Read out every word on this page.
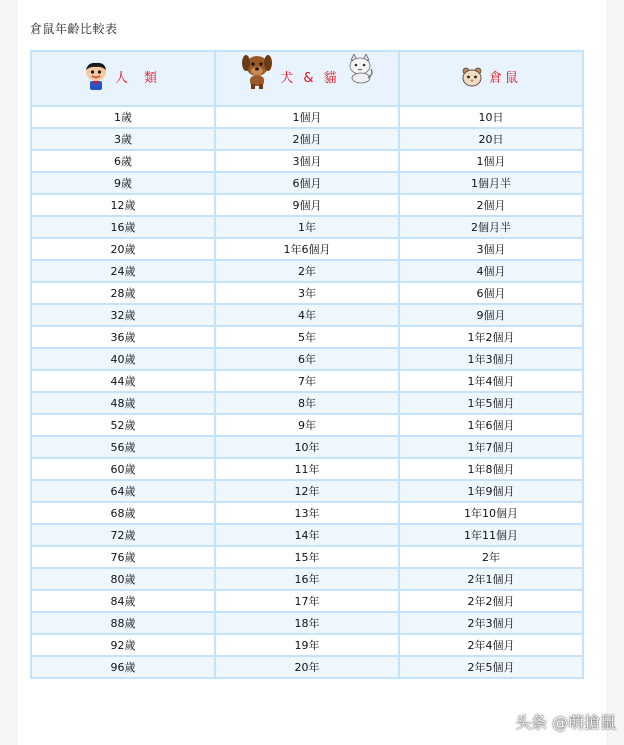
倉鼠年齡比較表
人 類	犬 & 貓	倉鼠

1歲	1個月	10日
3歲	2個月	20日
6歲	3個月	1個月
9歲	6個月	1個月半
12歲	9個月	2個月
16歲	1年	2個月半
20歲	1年6個月	3個月
24歲	2年	4個月
28歲	3年	6個月
32歲	4年	9個月
36歲	5年	1年2個月
40歲	6年	1年3個月
44歲	7年	1年4個月
48歲	8年	1年5個月
52歲	9年	1年6個月
56歲	10年	1年7個月
60歲	11年	1年8個月
64歲	12年	1年9個月
68歲	13年	1年10個月
72歲	14年	1年11個月
76歲	15年	2年
80歲	16年	2年1個月
84歲	17年	2年2個月
88歲	18年	2年3個月
92歲	19年	2年4個月
96歲	20年	2年5個月
头条 @萌搶鼠
